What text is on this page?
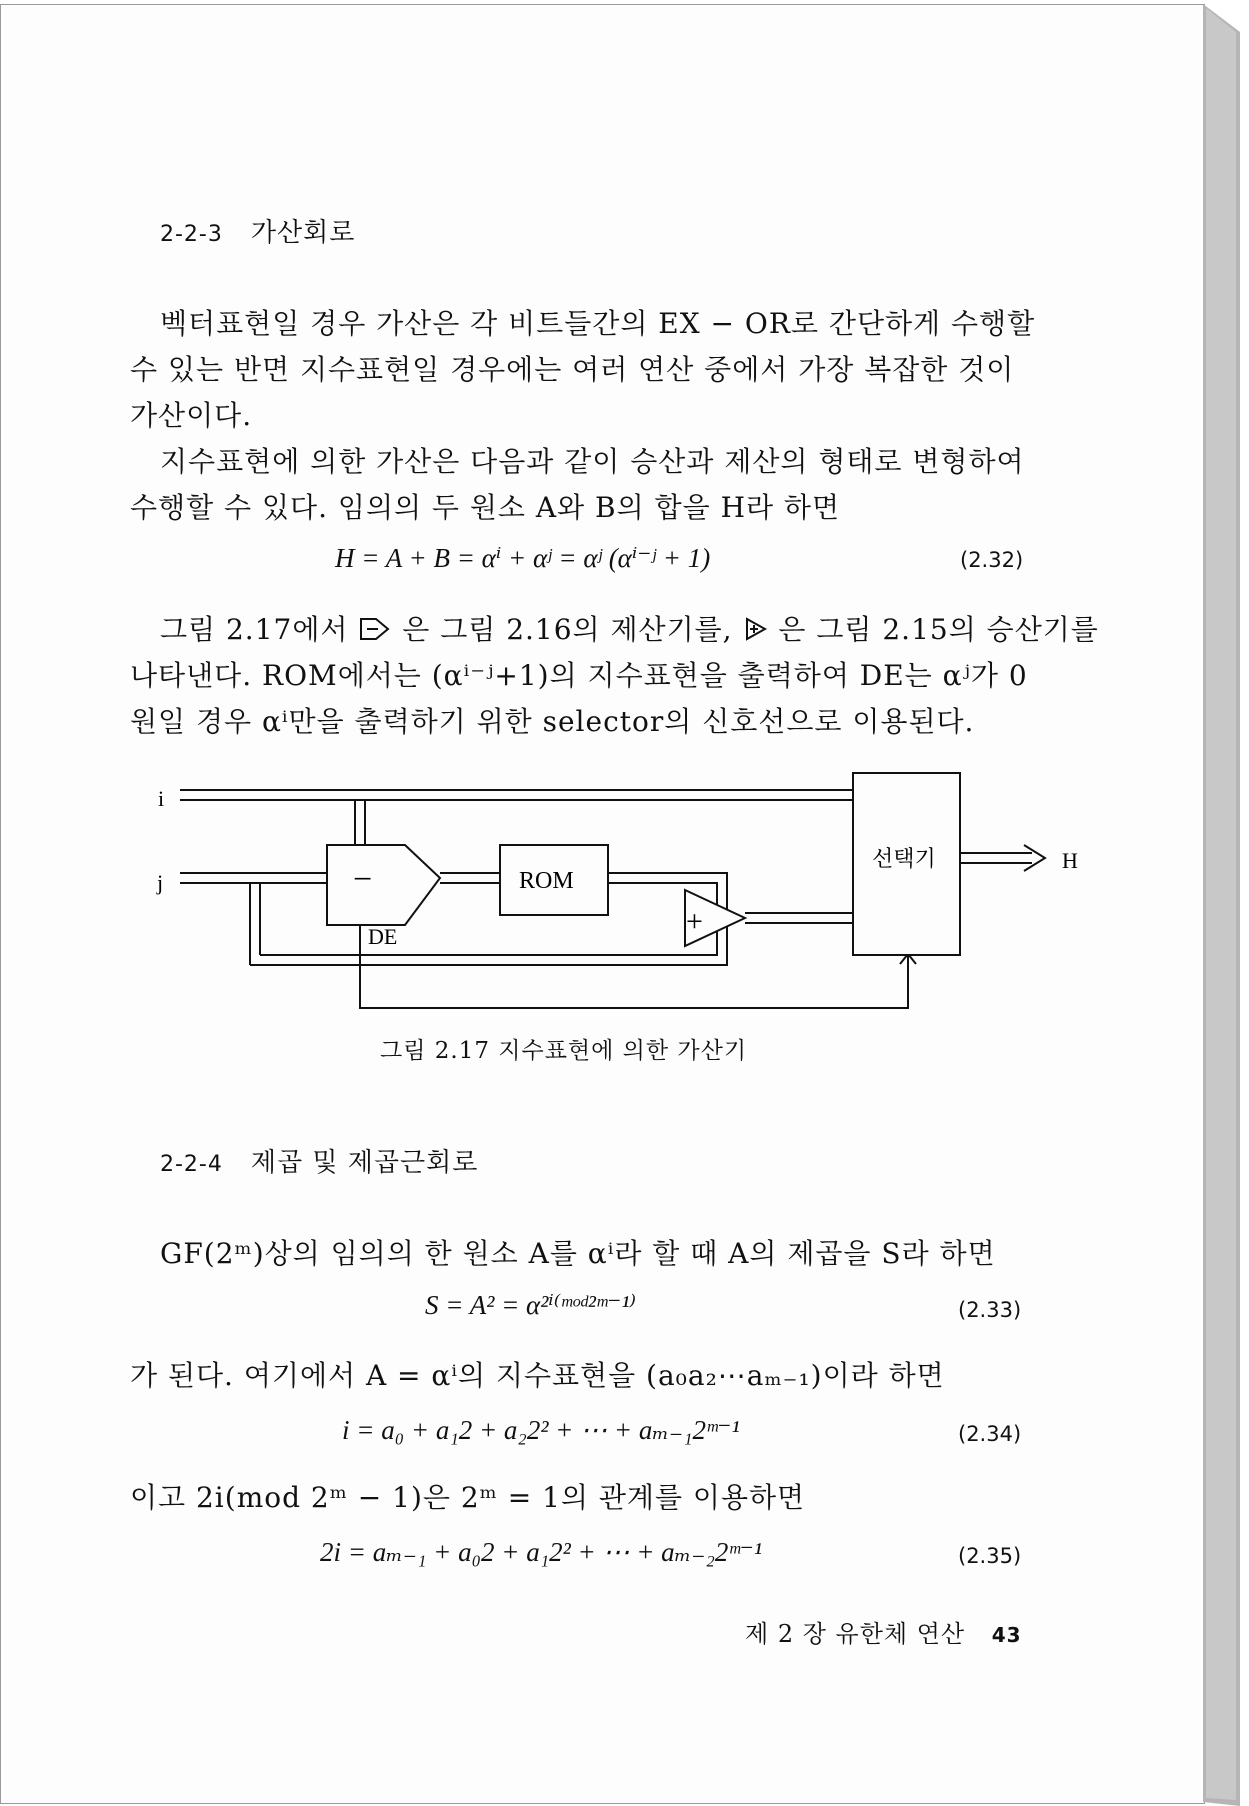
2-2-3 가산회로
벡터표현일 경우 가산은 각 비트들간의 EX − OR로 간단하게 수행할
수 있는 반면 지수표현일 경우에는 여러 연산 중에서 가장 복잡한 것이
가산이다.
지수표현에 의한 가산은 다음과 같이 승산과 제산의 형태로 변형하여
수행할 수 있다. 임의의 두 원소 A와 B의 합을 H라 하면
H = A + B = αⁱ + αʲ = αʲ (αⁱ⁻ʲ + 1)	(2.32)
그림 2.17에서 은 그림 2.16의 제산기를, 은 그림 2.15의 승산기를
나타낸다. ROM에서는 (αⁱ⁻ʲ+1)의 지수표현을 출력하여 DE는 αʲ가 0
원일 경우 αⁱ만을 출력하기 위한 selector의 신호선으로 이용된다.
i
j	−	ROM
+
DE
선택기	H
그림 2.17 지수표현에 의한 가산기
2-2-4 제곱 및 제곱근회로
GF(2ᵐ)상의 임의의 한 원소 A를 αⁱ라 할 때 A의 제곱을 S라 하면
S = A² = α²ⁱ⁽ᵐᵒᵈ²ᵐ⁻¹⁾	(2.33)
가 된다. 여기에서 A = αⁱ의 지수표현을 (a₀a₂⋯aₘ₋₁)이라 하면
i = a₀ + a₁2 + a₂2² + ⋯ + aₘ₋₁2ᵐ⁻¹	(2.34)
이고 2i(mod 2ᵐ − 1)은 2ᵐ = 1의 관계를 이용하면
2i = aₘ₋₁ + a₀2 + a₁2² + ⋯ + aₘ₋₂2ᵐ⁻¹	(2.35)
제 2 장 유한체 연산 43
